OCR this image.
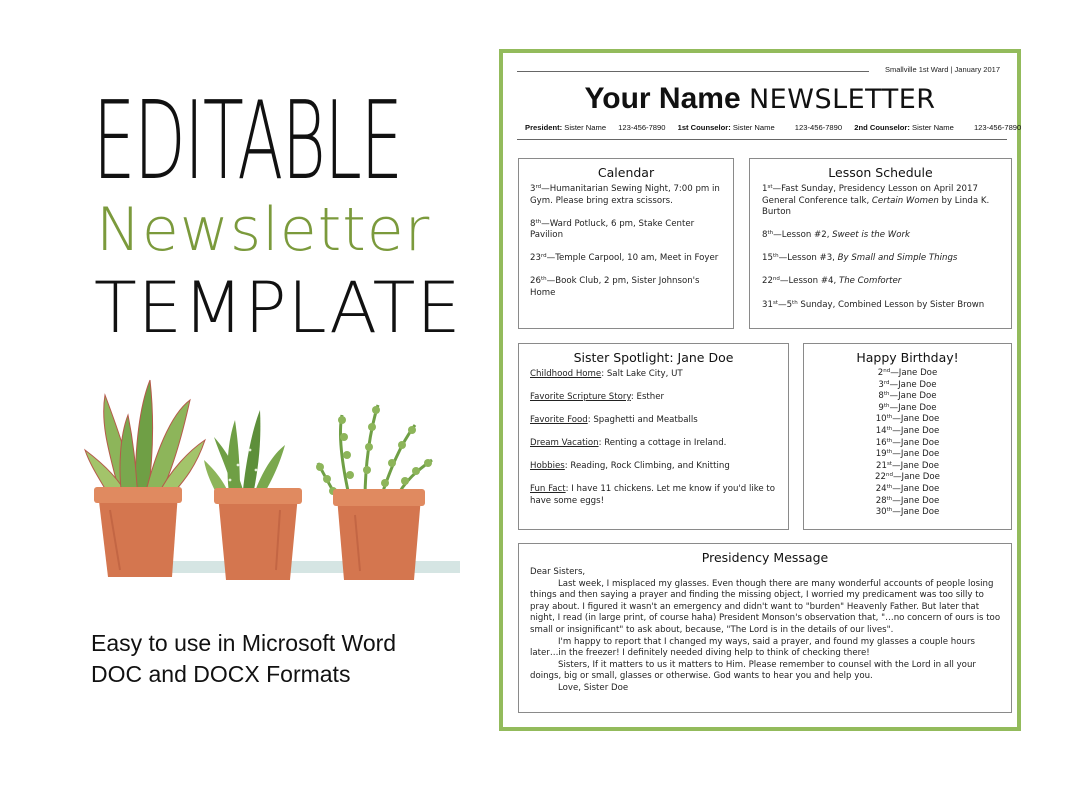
EDITABLE
Newsletter
TEMPLATE
Easy to use in Microsoft Word
DOC and DOCX Formats
Smallville 1st Ward | January 2017
Your Name NEWSLETTER
President: Sister Name 123-456-7890 1st Counselor: Sister Name	123-456-7890 2nd Counselor: Sister Name	123-456-7890
Calendar

3rd—Humanitarian Sewing Night, 7:00 pm in Gym. Please bring extra scissors.

8th—Ward Potluck, 6 pm, Stake Center Pavilion

23rd—Temple Carpool, 10 am, Meet in Foyer

26th—Book Club, 2 pm, Sister Johnson's Home

Lesson Schedule

1st—Fast Sunday, Presidency Lesson on April 2017 General Conference talk, Certain Women by Linda K. Burton

8th—Lesson #2, Sweet is the Work

15th—Lesson #3, By Small and Simple Things

22nd—Lesson #4, The Comforter

31st—5th Sunday, Combined Lesson by Sister Brown

Sister Spotlight: Jane Doe

Childhood Home: Salt Lake City, UT

Favorite Scripture Story: Esther

Favorite Food: Spaghetti and Meatballs

Dream Vacation: Renting a cottage in Ireland.

Hobbies: Reading, Rock Climbing, and Knitting

Fun Fact: I have 11 chickens. Let me know if you'd like to have some eggs!

Happy Birthday!

2nd—Jane Doe

3rd—Jane Doe

8th—Jane Doe

9th—Jane Doe

10th—Jane Doe

14th—Jane Doe

16th—Jane Doe

19th—Jane Doe

21st—Jane Doe

22nd—Jane Doe

24th—Jane Doe

28th—Jane Doe

30th—Jane Doe

Presidency Message

Dear Sisters,

Last week, I misplaced my glasses. Even though there are many wonderful accounts of people losing things and then saying a prayer and finding the missing object, I worried my predicament was too silly to pray about. I figured it wasn't an emergency and didn't want to "burden" Heavenly Father. But later that night, I read (in large print, of course haha) President Monson's observation that, "…no concern of ours is too small or insignificant" to ask about, because, "The Lord is in the details of our lives".

I'm happy to report that I changed my ways, said a prayer, and found my glasses a couple hours later…in the freezer! I definitely needed diving help to think of checking there!

Sisters, If it matters to us it matters to Him. Please remember to counsel with the Lord in all your doings, big or small, glasses or otherwise. God wants to hear you and help you.

Love, Sister Doe
